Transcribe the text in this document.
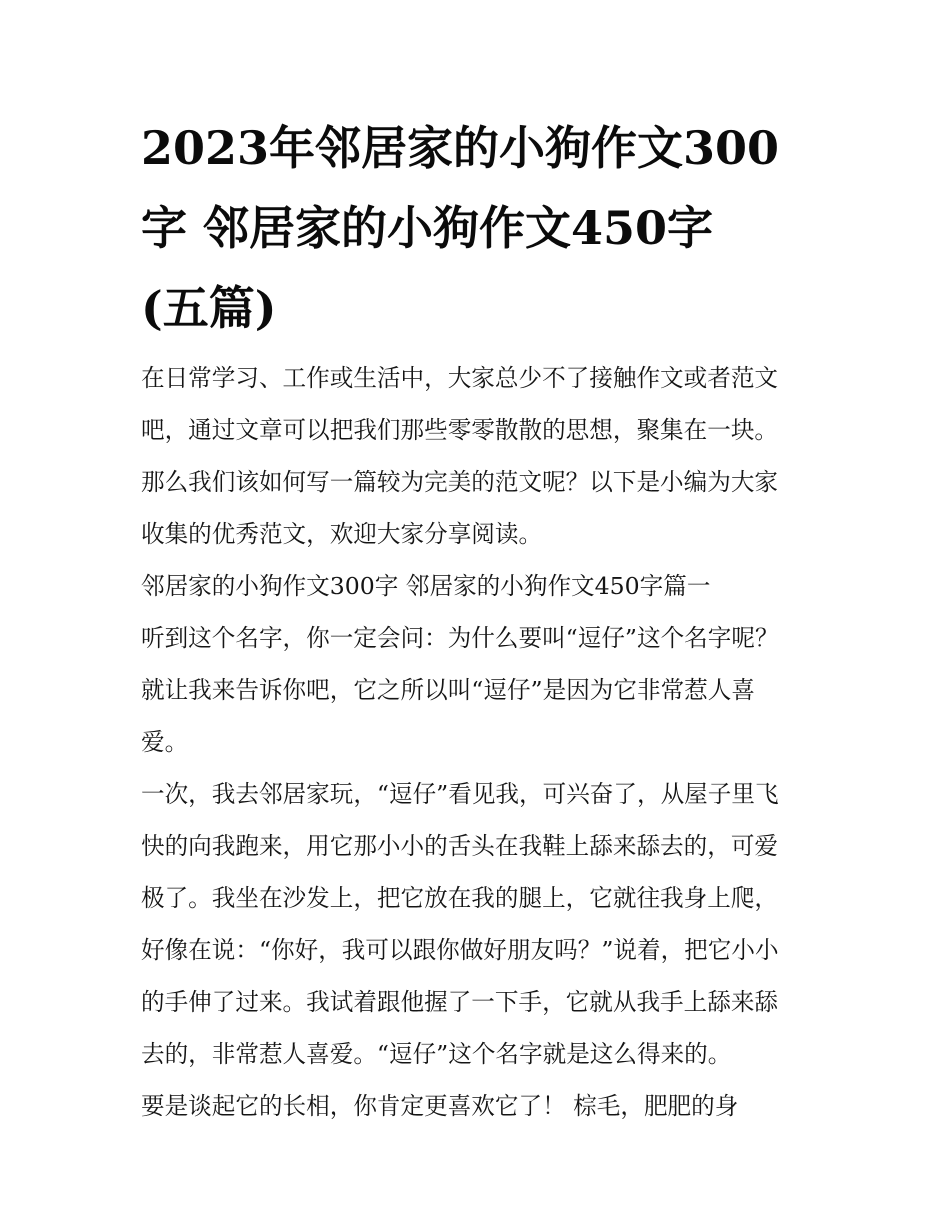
2023年邻居家的小狗作文300
字 邻居家的小狗作文450字
(五篇)
在日常学习、工作或生活中，大家总少不了接触作文或者范文
吧，通过文章可以把我们那些零零散散的思想，聚集在一块。
那么我们该如何写一篇较为完美的范文呢？以下是小编为大家
收集的优秀范文，欢迎大家分享阅读。
邻居家的小狗作文300字 邻居家的小狗作文450字篇一
听到这个名字，你一定会问：为什么要叫“逗仔”这个名字呢？
就让我来告诉你吧，它之所以叫“逗仔”是因为它非常惹人喜
爱。
一次，我去邻居家玩，“逗仔”看见我，可兴奋了，从屋子里飞
快的向我跑来，用它那小小的舌头在我鞋上舔来舔去的，可爱
极了。我坐在沙发上，把它放在我的腿上，它就往我身上爬，
好像在说：“你好，我可以跟你做好朋友吗？”说着，把它小小
的手伸了过来。我试着跟他握了一下手，它就从我手上舔来舔
去的，非常惹人喜爱。“逗仔”这个名字就是这么得来的。
要是谈起它的长相，你肯定更喜欢它了！ 棕毛，肥肥的身
